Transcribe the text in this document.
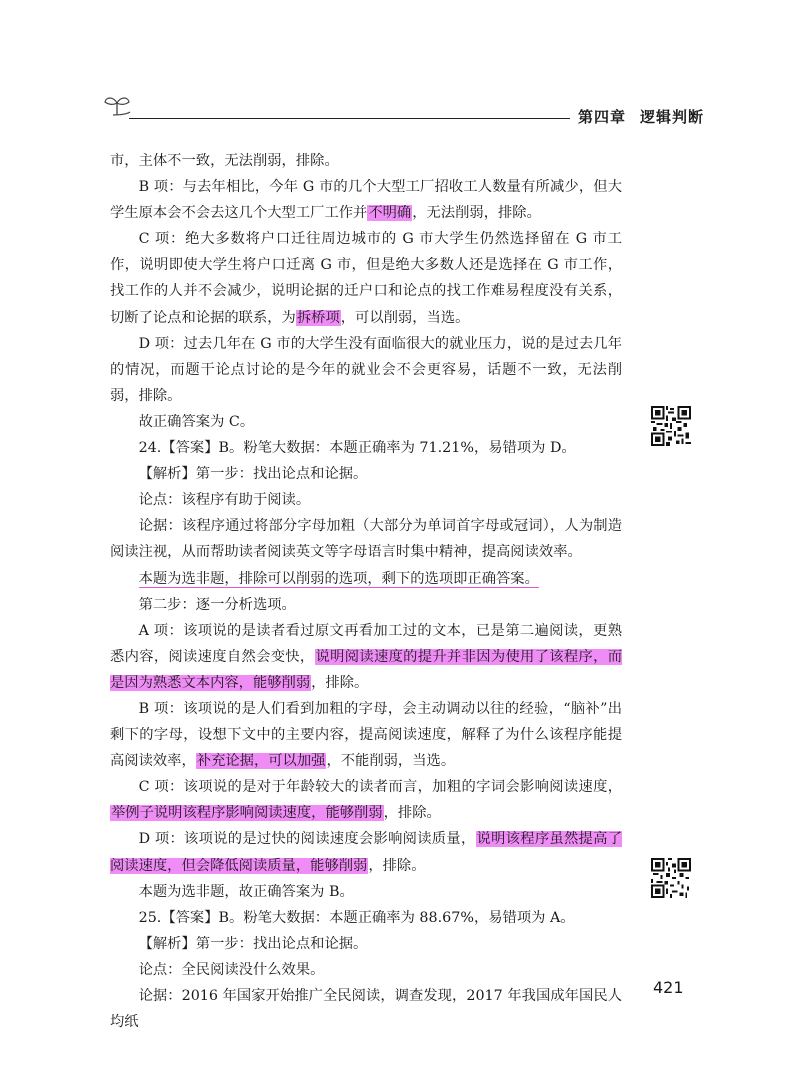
第四章 逻辑判断

市，主体不一致，无法削弱，排除。

B 项：与去年相比，今年 G 市的几个大型工厂招收工人数量有所减少，但大学生原本会不会去这几个大型工厂工作并不明确，无法削弱，排除。

C 项：绝大多数将户口迁往周边城市的 G 市大学生仍然选择留在 G 市工作，说明即使大学生将户口迁离 G 市，但是绝大多数人还是选择在 G 市工作，找工作的人并不会减少，说明论据的迁户口和论点的找工作难易程度没有关系，切断了论点和论据的联系，为拆桥项，可以削弱，当选。

D 项：过去几年在 G 市的大学生没有面临很大的就业压力，说的是过去几年的情况，而题干论点讨论的是今年的就业会不会更容易，话题不一致，无法削弱，排除。

故正确答案为 C。

24.【答案】B。粉笔大数据：本题正确率为 71.21%，易错项为 D。

【解析】第一步：找出论点和论据。

论点：该程序有助于阅读。

论据：该程序通过将部分字母加粗（大部分为单词首字母或冠词），人为制造阅读注视，从而帮助读者阅读英文等字母语言时集中精神，提高阅读效率。

本题为选非题，排除可以削弱的选项，剩下的选项即正确答案。

第二步：逐一分析选项。

A 项：该项说的是读者看过原文再看加工过的文本，已是第二遍阅读，更熟悉内容，阅读速度自然会变快，说明阅读速度的提升并非因为使用了该程序，而是因为熟悉文本内容，能够削弱，排除。

B 项：该项说的是人们看到加粗的字母，会主动调动以往的经验，“脑补”出剩下的字母，设想下文中的主要内容，提高阅读速度，解释了为什么该程序能提高阅读效率，补充论据，可以加强，不能削弱，当选。

C 项：该项说的是对于年龄较大的读者而言，加粗的字词会影响阅读速度，举例子说明该程序影响阅读速度，能够削弱，排除。

D 项：该项说的是过快的阅读速度会影响阅读质量，说明该程序虽然提高了阅读速度，但会降低阅读质量，能够削弱，排除。

本题为选非题，故正确答案为 B。

25.【答案】B。粉笔大数据：本题正确率为 88.67%，易错项为 A。

【解析】第一步：找出论点和论据。

论点：全民阅读没什么效果。

论据：2016 年国家开始推广全民阅读，调查发现，2017 年我国成年国民人均纸

421
